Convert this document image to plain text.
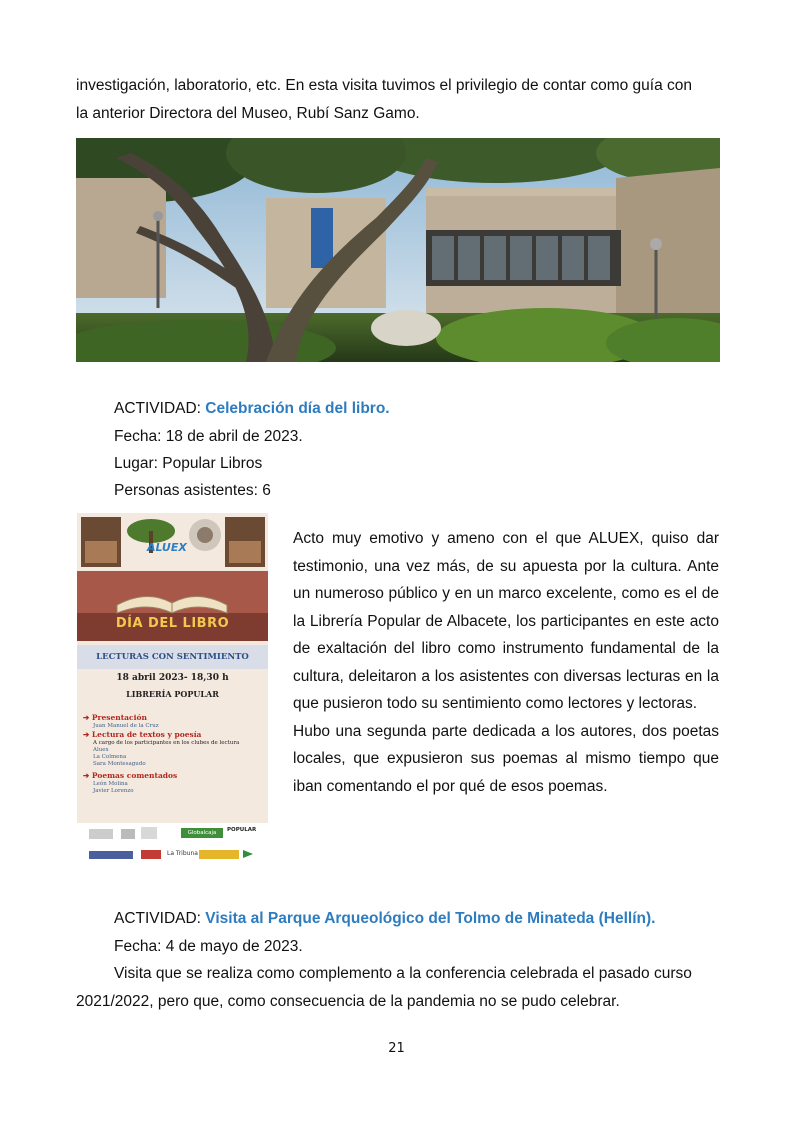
investigación, laboratorio, etc. En esta visita tuvimos el privilegio de contar como guía con
la anterior Directora del Museo, Rubí Sanz Gamo.
ACTIVIDAD: Celebración día del libro.
Fecha: 18 de abril de 2023.
Lugar: Popular Libros
Personas asistentes: 6
ALUEX
DÍA DEL LIBRO
LECTURAS CON SENTIMIENTO
18 abril 2023- 18,30 h
LIBRERÍA POPULAR
➔ Presentación
Juan Manuel de la Cruz
➔ Lectura de textos y poesía
A cargo de los participantes en los clubes de lectura
Aluex
La Colmena
Sara Montesagudo
➔ Poemas comentados
León Molina
Javier Lorenzo
Globalcaja	POPULAR
La Tribuna

Acto muy emotivo y ameno con el que ALUEX, quiso dar testimonio, una vez más, de su apuesta por la cultura. Ante un numeroso público y en un marco excelente, como es el de la Librería Popular de Albacete, los participantes en este acto de exaltación del libro como instrumento fundamental de la cultura, deleitaron a los asistentes con diversas lecturas en la que pusieron todo su sentimiento como lectores y lectoras.

Hubo una segunda parte dedicada a los autores, dos poetas locales, que expusieron sus poemas al mismo tiempo que iban comentando el por qué de esos poemas.

ACTIVIDAD: Visita al Parque Arqueológico del Tolmo de Minateda (Hellín).
Fecha: 4 de mayo de 2023.
Visita que se realiza como complemento a la conferencia celebrada el pasado curso
2021/2022, pero que, como consecuencia de la pandemia no se pudo celebrar.
21
